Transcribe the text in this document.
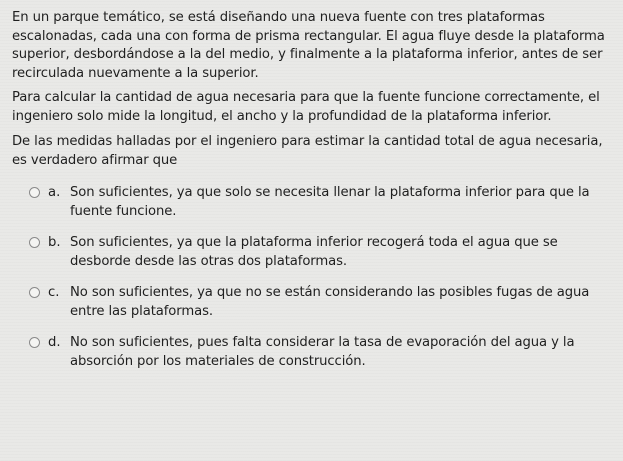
En un parque temático, se está diseñando una nueva fuente con tres plataformas escalonadas, cada una con forma de prisma rectangular. El agua fluye desde la plataforma superior, desbordándose a la del medio, y finalmente a la plataforma inferior, antes de ser recirculada nuevamente a la superior.

Para calcular la cantidad de agua necesaria para que la fuente funcione correctamente, el ingeniero solo mide la longitud, el ancho y la profundidad de la plataforma inferior.

De las medidas halladas por el ingeniero para estimar la cantidad total de agua necesaria, es verdadero afirmar que

a. Son suficientes, ya que solo se necesita llenar la plataforma inferior para que la fuente funcione.
b. Son suficientes, ya que la plataforma inferior recogerá toda el agua que se desborde desde las otras dos plataformas.
c. No son suficientes, ya que no se están considerando las posibles fugas de agua entre las plataformas.
d. No son suficientes, pues falta considerar la tasa de evaporación del agua y la absorción por los materiales de construcción.
